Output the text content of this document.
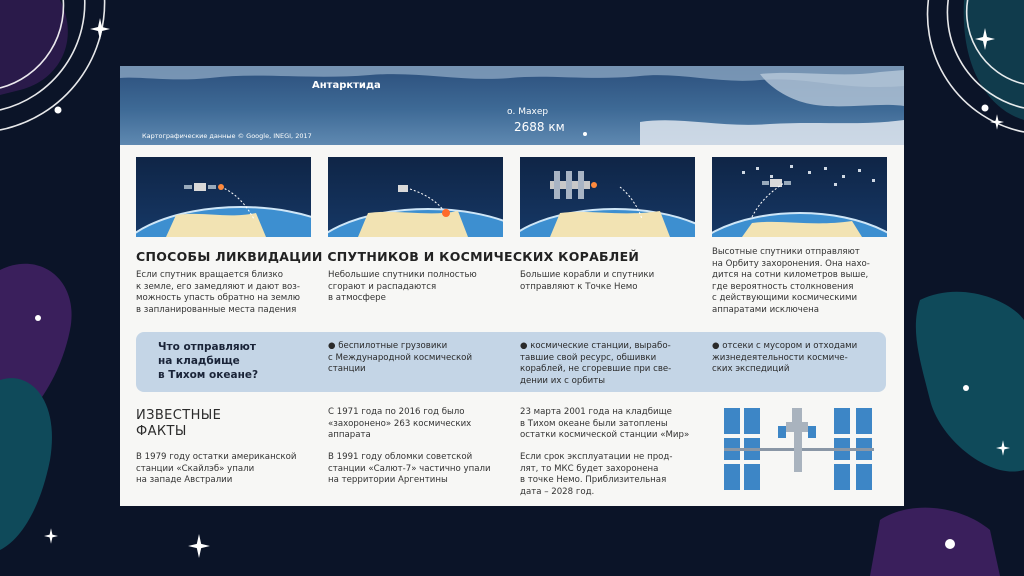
Антарктида
о. Махер
2688 км
Картографические данные © Google, INEGI, 2017
СПОСОБЫ ЛИКВИДАЦИИ СПУТНИКОВ И КОСМИЧЕСКИХ КОРАБЛЕЙ
Если спутник вращается близко
к земле, его замедляют и дают воз-
можность упасть обратно на землю
в запланированные места падения
Небольшие спутники полностью
сгорают и распадаются
в атмосфере
Большие корабли и спутники
отправляют к Точке Немо
Высотные спутники отправляют
на Орбиту захоронения. Она нахо-
дится на сотни километров выше,
где вероятность столкновения
с действующими космическими
аппаратами исключена
Что отправляют
на кладбище
в Тихом океане?
● беспилотные грузовики
с Международной космической
станции
● космические станции, вырабо-
тавшие свой ресурс, обшивки
кораблей, не сгоревшие при све-
дении их с орбиты
● отсеки с мусором и отходами
жизнедеятельности космиче-
ских экспедиций
ИЗВЕСТНЫЕ
ФАКТЫ
В 1979 году остатки американской
станции «Скайлэб» упали
на западе Австралии
С 1971 года по 2016 год было
«захоронено» 263 космических
аппарата
В 1991 году обломки советской
станции «Салют-7» частично упали
на территории Аргентины
23 марта 2001 года на кладбище
в Тихом океане были затоплены
остатки космической станции «Мир»
Если срок эксплуатации не прод-
лят, то МКС будет захоронена
в точке Немо. Приблизительная
дата – 2028 год.
